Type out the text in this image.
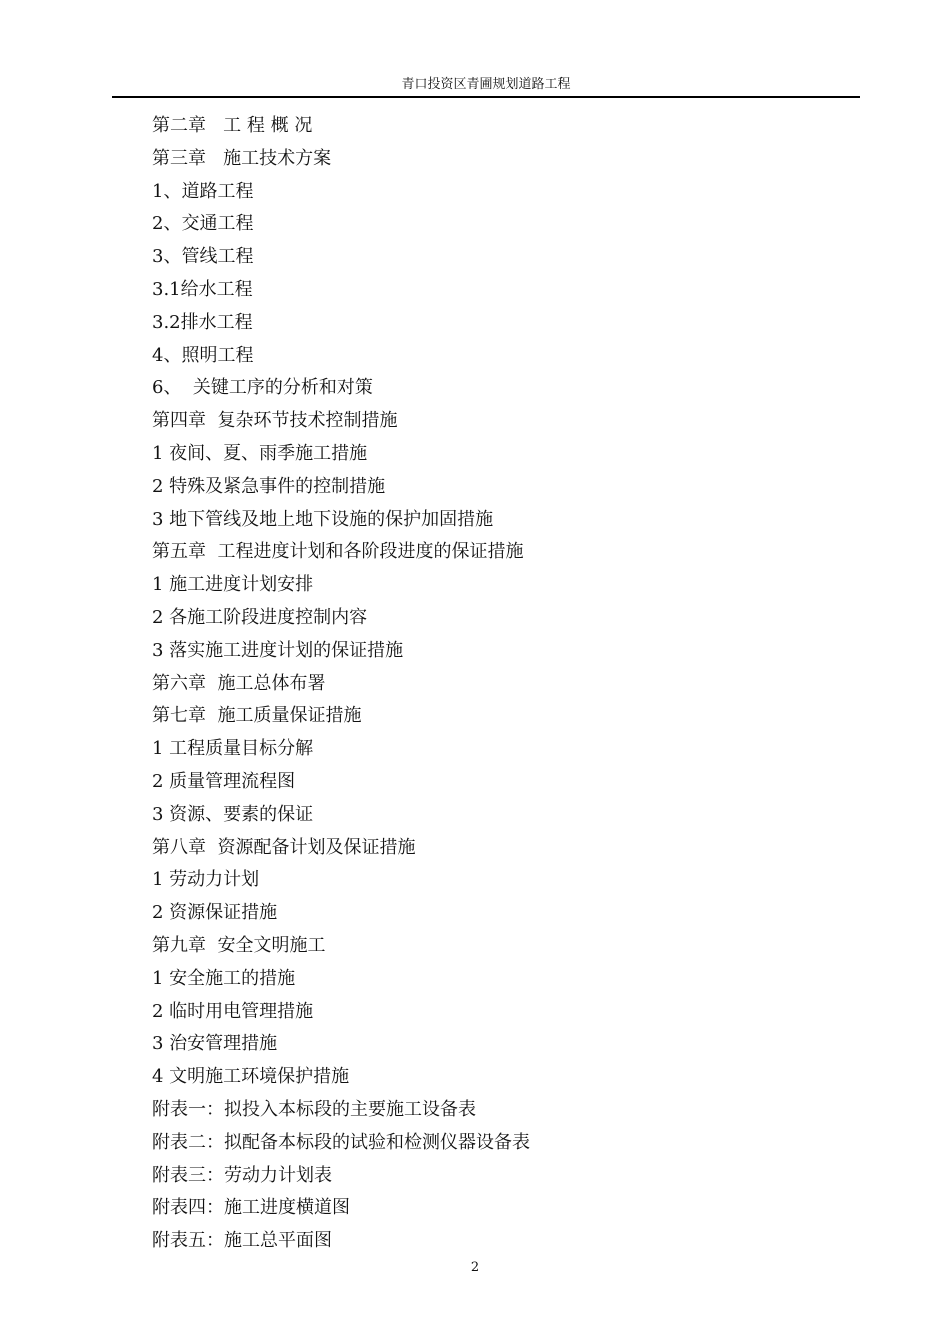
青口投资区青圃规划道路工程
第二章   工 程 概 况
第三章   施工技术方案
1、道路工程
2、交通工程
3、管线工程
3.1给水工程
3.2排水工程
4、照明工程
6、  关键工序的分析和对策
第四章  复杂环节技术控制措施
1 夜间、夏、雨季施工措施
2 特殊及紧急事件的控制措施
3 地下管线及地上地下设施的保护加固措施
第五章  工程进度计划和各阶段进度的保证措施
1 施工进度计划安排
2 各施工阶段进度控制内容
3 落实施工进度计划的保证措施
第六章  施工总体布署
第七章  施工质量保证措施
1 工程质量目标分解
2 质量管理流程图
3 资源、要素的保证
第八章  资源配备计划及保证措施
1 劳动力计划
2 资源保证措施
第九章  安全文明施工
1 安全施工的措施
2 临时用电管理措施
3 治安管理措施
4 文明施工环境保护措施
附表一：拟投入本标段的主要施工设备表
附表二：拟配备本标段的试验和检测仪器设备表
附表三：劳动力计划表
附表四：施工进度横道图
附表五：施工总平面图
2
